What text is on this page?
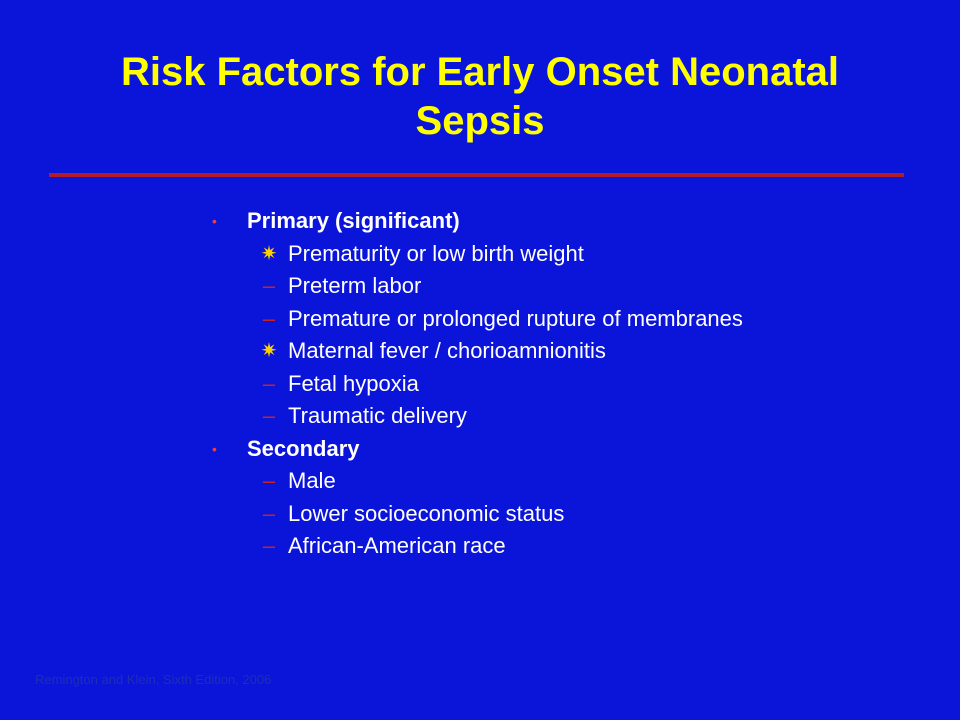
Risk Factors for Early Onset Neonatal
Sepsis
• Primary (significant)
✷ Prematurity or low birth weight
– Preterm labor
– Premature or prolonged rupture of membranes
✷ Maternal fever / chorioamnionitis
– Fetal hypoxia
– Traumatic delivery
• Secondary
– Male
– Lower socioeconomic status
– African-American race
Remington and Klein, Sixth Edition, 2006
